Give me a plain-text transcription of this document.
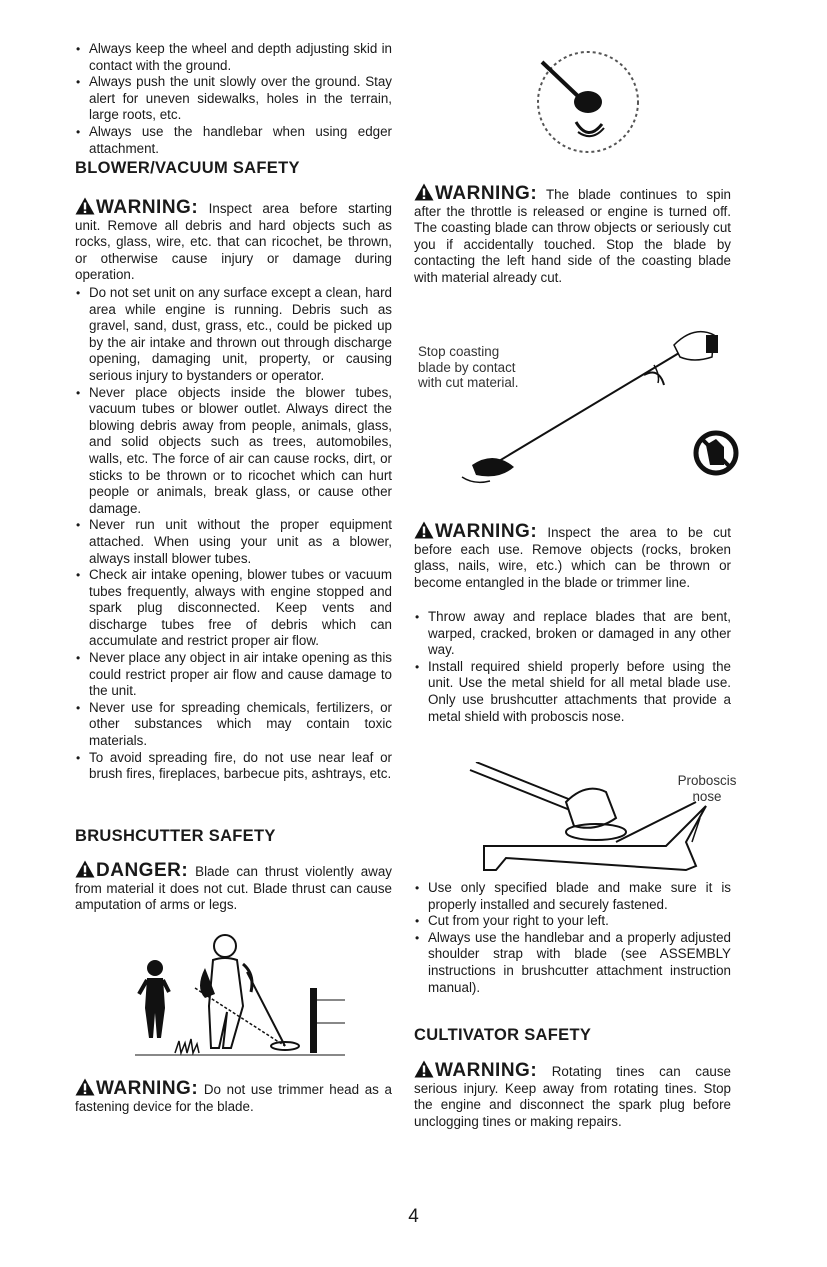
• Always keep the wheel and depth adjusting skid in contact with the ground.
• Always push the unit slowly over the ground. Stay alert for uneven sidewalks, holes in the terrain, large roots, etc.
• Always use the handlebar when using edger attachment.
BLOWER/VACUUM SAFETY

WARNING: Inspect area before starting unit. Remove all debris and hard objects such as rocks, glass, wire, etc. that can ricochet, be thrown, or otherwise cause injury or damage during operation.

• Do not set unit on any surface except a clean, hard area while engine is running. Debris such as gravel, sand, dust, grass, etc., could be picked up by the air intake and thrown out through discharge opening, damaging unit, property, or causing serious injury to bystanders or operator.
• Never place objects inside the blower tubes, vacuum tubes or blower outlet. Always direct the blowing debris away from people, animals, glass, and solid objects such as trees, automobiles, walls, etc. The force of air can cause rocks, dirt, or sticks to be thrown or to ricochet which can hurt people or animals, break glass, or cause other damage.
• Never run unit without the proper equipment attached. When using your unit as a blower, always install blower tubes.
• Check air intake opening, blower tubes or vacuum tubes frequently, always with engine stopped and spark plug disconnected. Keep vents and discharge tubes free of debris which can accumulate and restrict proper air flow.
• Never place any object in air intake opening as this could restrict proper air flow and cause damage to the unit.
• Never use for spreading chemicals, fertilizers, or other substances which may contain toxic materials.
• To avoid spreading fire, do not use near leaf or brush fires, fireplaces, barbecue pits, ashtrays, etc.
BRUSHCUTTER SAFETY

DANGER: Blade can thrust violently away from material it does not cut. Blade thrust can cause amputation of arms or legs.

WARNING: Do not use trimmer head as a fastening device for the blade.

WARNING: The blade continues to spin after the throttle is released or engine is turned off. The coasting blade can throw objects or seriously cut you if accidentally touched. Stop the blade by contacting the left hand side of the coasting blade with material already cut.

Stop coasting
blade by contact
with cut material.

WARNING: Inspect the area to be cut before each use. Remove objects (rocks, broken glass, nails, wire, etc.) which can be thrown or become entangled in the blade or trimmer line.

• Throw away and replace blades that are bent, warped, cracked, broken or damaged in any other way.
• Install required shield properly before using the unit. Use the metal shield for all metal blade use. Only use brushcutter attachments that provide a metal shield with proboscis nose.
Proboscis
nose
• Use only specified blade and make sure it is properly installed and securely fastened.
• Cut from your right to your left.
• Always use the handlebar and a properly adjusted shoulder strap with blade (see ASSEMBLY instructions in brushcutter attachment instruction manual).
CULTIVATOR SAFETY

WARNING: Rotating tines can cause serious injury. Keep away from rotating tines. Stop the engine and disconnect the spark plug before unclogging tines or making repairs.

4
